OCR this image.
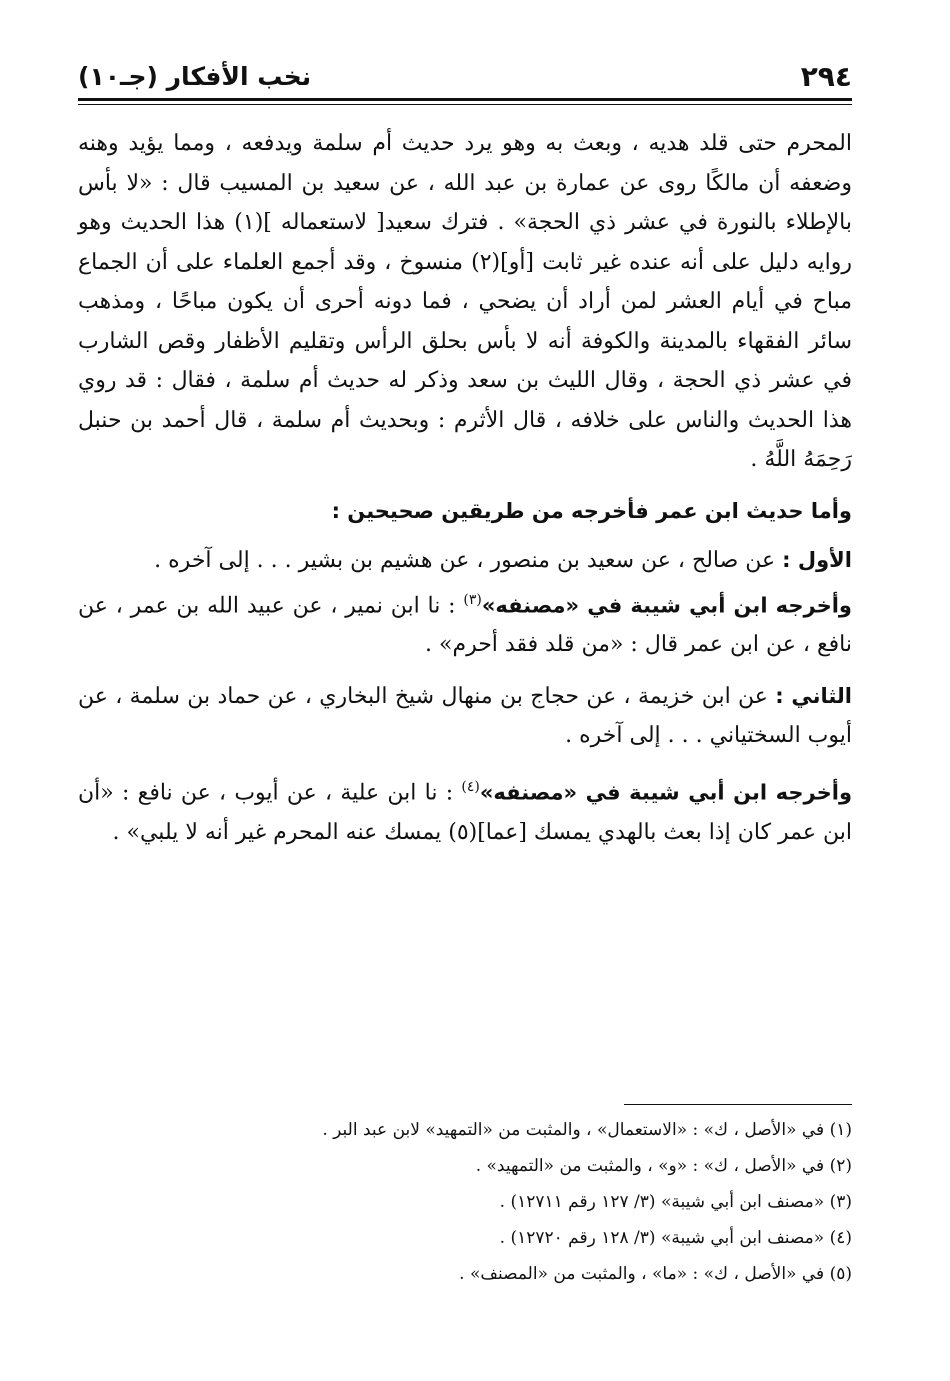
٢٩٤
نخب الأفكار (جـ١٠)

المحرم حتى قلد هديه ، وبعث به وهو يرد حديث أم سلمة ويدفعه ، ومما يؤيد وهنه وضعفه أن مالكًا روى عن عمارة بن عبد الله ، عن سعيد بن المسيب قال : «لا بأس بالإطلاء بالنورة في عشر ذي الحجة» . فترك سعيد[ لاستعماله ](١) هذا الحديث وهو روايه دليل على أنه عنده غير ثابت [أو](٢) منسوخ ، وقد أجمع العلماء على أن الجماع مباح في أيام العشر لمن أراد أن يضحي ، فما دونه أحرى أن يكون مباحًا ، ومذهب سائر الفقهاء بالمدينة والكوفة أنه لا بأس بحلق الرأس وتقليم الأظفار وقص الشارب في عشر ذي الحجة ، وقال الليث بن سعد وذكر له حديث أم سلمة ، فقال : قد روي هذا الحديث والناس على خلافه ، قال الأثرم : وبحديث أم سلمة ، قال أحمد بن حنبل رَحِمَهُ اللَّهُ .

وأما حديث ابن عمر فأخرجه من طريقين صحيحين :

الأول : عن صالح ، عن سعيد بن منصور ، عن هشيم بن بشير . . . إلى آخره .

وأخرجه ابن أبي شيبة في «مصنفه»$^{(٣)}$ : نا ابن نمير ، عن عبيد الله بن عمر ، عن نافع ، عن ابن عمر قال : «من قلد فقد أحرم» .

الثاني : عن ابن خزيمة ، عن حجاج بن منهال شيخ البخاري ، عن حماد بن سلمة ، عن أيوب السختياني . . . إلى آخره .

وأخرجه ابن أبي شيبة في «مصنفه»$^{(٤)}$ : نا ابن علية ، عن أيوب ، عن نافع : «أن ابن عمر كان إذا بعث بالهدي يمسك [عما](٥) يمسك عنه المحرم غير أنه لا يلبي» .

(١) في «الأصل ، ك» : «الاستعمال» ، والمثبت من «التمهيد» لابن عبد البر .

(٢) في «الأصل ، ك» : «و» ، والمثبت من «التمهيد» .

(٣) «مصنف ابن أبي شيبة» (٣/ ١٢٧ رقم ١٢٧١١) .

(٤) «مصنف ابن أبي شيبة» (٣/ ١٢٨ رقم ١٢٧٢٠) .

(٥) في «الأصل ، ك» : «ما» ، والمثبت من «المصنف» .
